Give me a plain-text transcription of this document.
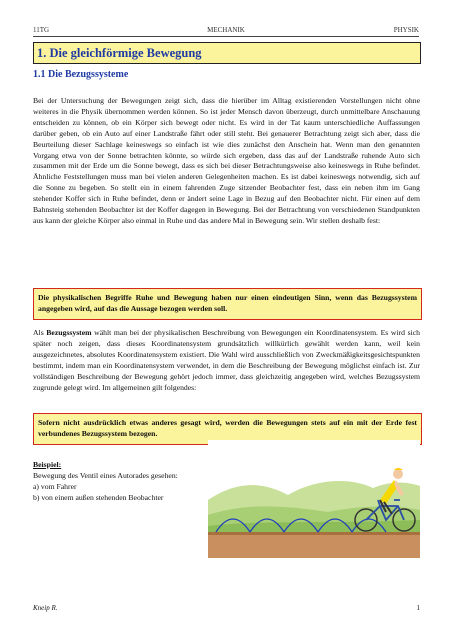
11TG	MECHANIK	PHYSIK
1. Die gleichförmige Bewegung
1.1 Die Bezugssysteme

Bei der Untersuchung der Bewegungen zeigt sich, dass die hierüber im Alltag existierenden Vorstellungen nicht ohne weiteres in die Physik übernommen werden können. So ist jeder Mensch davon überzeugt, durch unmittelbare Anschauung entscheiden zu können, ob ein Körper sich bewegt oder nicht. Es wird in der Tat kaum unterschiedliche Auffassungen darüber geben, ob ein Auto auf einer Landstraße fährt oder still steht. Bei genauerer Betrachtung zeigt sich aber, dass die Beurteilung dieser Sachlage keineswegs so einfach ist wie dies zunächst den Anschein hat. Wenn man den genannten Vorgang etwa von der Sonne betrachten könnte, so würde sich ergeben, dass das auf der Landstraße ruhende Auto sich zusammen mit der Erde um die Sonne bewegt, dass es sich bei dieser Betrachtungsweise also keineswegs in Ruhe befindet. Ähnliche Feststellungen muss man bei vielen anderen Gelegenheiten machen. Es ist dabei keineswegs notwendig, sich auf die Sonne zu begeben. So stellt ein in einem fahrenden Zuge sitzender Beobachter fest, dass ein neben ihm im Gang stehender Koffer sich in Ruhe befindet, denn er ändert seine Lage in Bezug auf den Beobachter nicht. Für einen auf dem Bahnsteig stehenden Beobachter ist der Koffer dagegen in Bewegung. Bei der Betrachtung von verschiedenen Standpunkten aus kann der gleiche Körper also einmal in Ruhe und das andere Mal in Bewegung sein. Wir stellen deshalb fest:

Die physikalischen Begriffe Ruhe und Bewegung haben nur einen eindeutigen Sinn, wenn das Bezugssystem angegeben wird, auf das die Aussage bezogen werden soll.

Als Bezugssystem wählt man bei der physikalischen Beschreibung von Bewegungen ein Koordinatensystem. Es wird sich später noch zeigen, dass dieses Koordinatensystem grundsätzlich willkürlich gewählt werden kann, weil kein ausgezeichnetes, absolutes Koordinatensystem existiert. Die Wahl wird ausschließlich von Zweckmäßigkeitsgesichtspunkten bestimmt, indem man ein Koordinatensystem verwendet, in dem die Beschreibung der Bewegung möglichst einfach ist. Zur vollständigen Beschreibung der Bewegung gehört jedoch immer, dass gleichzeitig angegeben wird, welches Bezugssystem zugrunde gelegt wird. Im allgemeinen gilt folgendes:

Sofern nicht ausdrücklich etwas anderes gesagt wird, werden die Bewegungen stets auf ein mit der Erde fest verbundenes Bezugssystem bezogen.
Beispiel:
Bewegung des Ventil eines Autorades gesehen:
a) vom Fahrer
b) von einem außen stehenden Beobachter
Kneip R.	1
